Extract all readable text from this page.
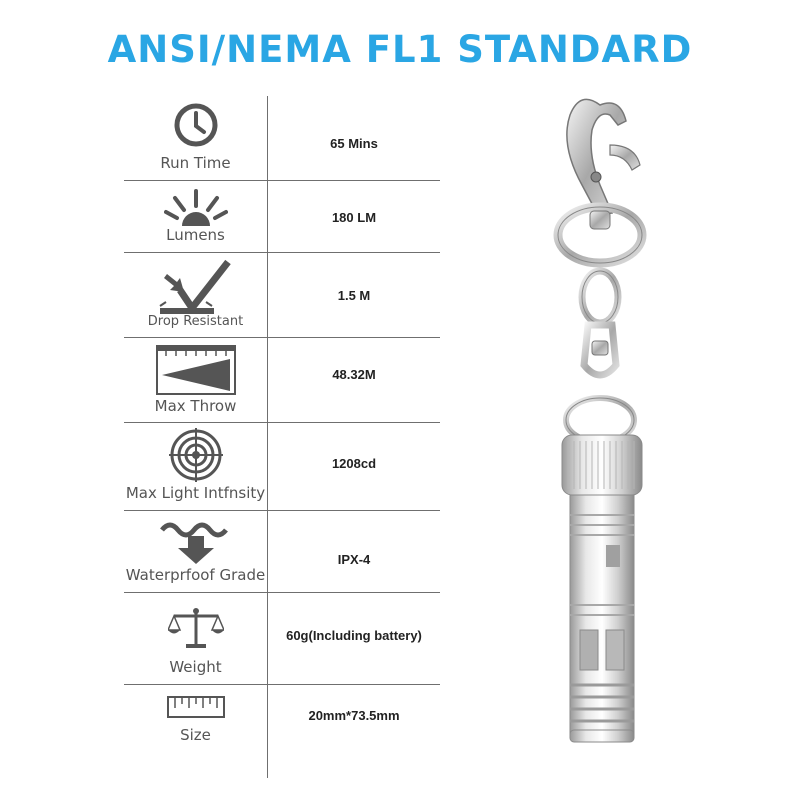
ANSI/NEMA FL1 STANDARD
Run Time
65 Mins
Lumens
180 LM
Drop Resistant
1.5 M
Max Throw
48.32M
Max Light Intfnsity
1208cd
Waterprfoof Grade
IPX-4
Weight
60g(Including battery)
Size
20mm*73.5mm
